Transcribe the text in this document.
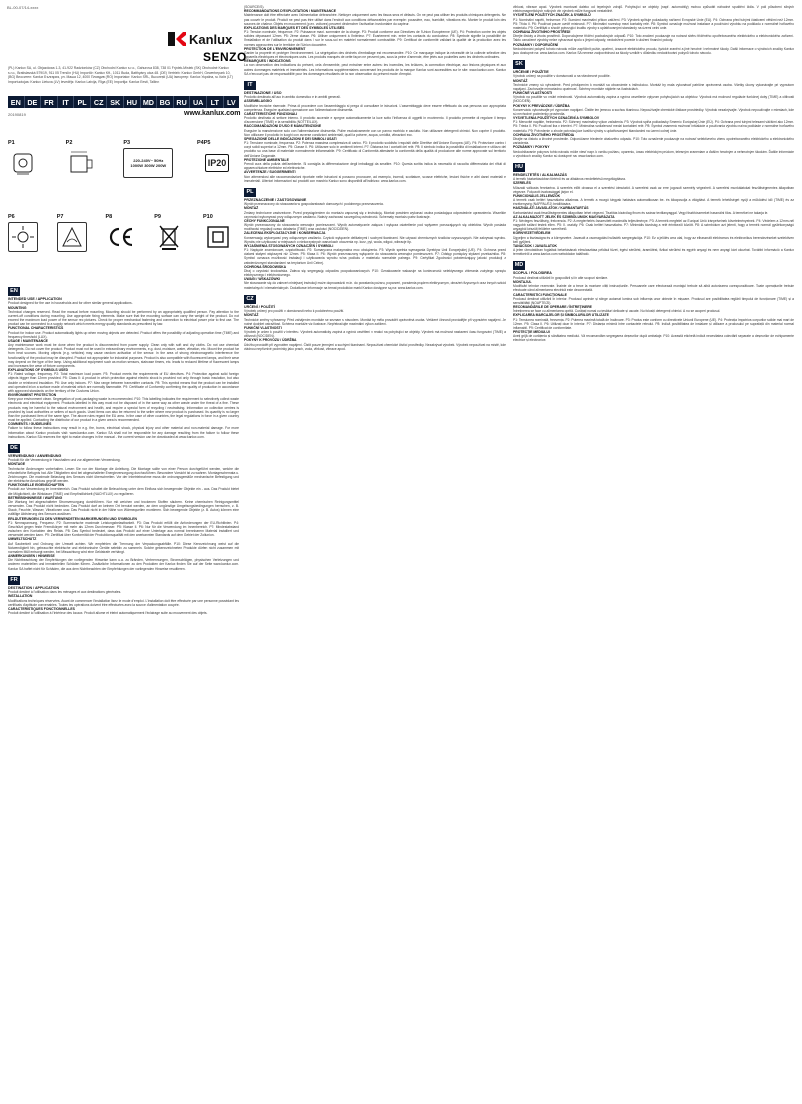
BL-00-07/14-xxxx
Kanlux
SENZO
(PL) Kanlux SA, ul. Objazdowa 1-3, 41-922 Radzionków (CZ) Obchodní Kanlux s.r.o., Gahurova 838, 738 01 Frýdek-Místek (SK) Obchodné Kanlux s.r.o., Bratislavská 579/19, 911 05 Trenčín (HU) Importőr: Kanlux Kft., 1011 Buda, Batthyány utca 48. (DE) Vertrieb: Kanlux GmbH, Gewerbepark 10, (BG) Вносител: Kanlux България, ул. Маша 12, 4000 Пловдив (RO) Importator: Kanlux SRL, București (UA) Імпортер: Kanlux Україна, м. Київ (LT) Importuotojas: Kanlux Lietuva (LV) Ievedējs: Kanlux Latvija, Rīga (EE) Importija: Kanlux Eesti, Tallinn
EN DE FR	IT	PL CZ SK HU MD BG RU UA	LT	LV
20190819	www.kanlux.com
P1	P2	P3
220-240V~ 50Hz
1000W 300W 200W
P4P5
IP20
P6	P7	P8	P9	P10
EN
INTENDED USE / APPLICATION
Product designed for the use in households and for other similar general applications.
MOUNTING
Technical changes reserved. Read the manual before mounting. Mounting should be performed by an appropriately qualified person. Pay attention to the current-off conditions during mounting. Use appropriate fixing elements. Make sure that the mounting surface can carry the weight of the product. Do not exceed the maximum load power of the sensor rec pictures. Check for proper mechanical fastening and connection to electrical power prior to first use. The product can be connected to a supply network which meets energy quality standards as prescribed by law.
FUNCTIONAL CHARACTERISTICS
Product for indoor use. Product automatically lights up when moving objects are detected. Product offers the possibility of adjusting operation time (TIME) and frequency threshold (LUX).
USAGE / MAINTENANCE
Any maintenance work must be done when the product is disconnected from power supply. Clean only with soft and dry cloths. Do not use chemical detergents. Do not cover the product. Product must not be used in extraordinary environments, e.g. dust, moisture, water, vibration, etc. Mount the product far from heat sources. Moving objects (e.g. vehicles) may cause random activation of the sensor. In the area of strong electromagnetic interference the functionality of the product may be disrupted. Product not appropriate for industrial purposes. Product is also compatible with fluorescent lamps, and their wear may depend on the type of the lamp. Using additional equipment such as motion sensors, staircase timers, etc. leads to reduced lifetime of fluorescent lamps and increases the wear of fixture components.
EXPLANATIONS OF SYMBOLS USED
P1: Rated voltage, frequency. P2: Total maximum load power. P3: Product meets the requirements of EU directives. P4: Protection against solid foreign objects bigger than 12mm provided. P5: Class II: A product in which protection against electric shock is provided not only through basic insulation, but also double or reinforced insulation. P6: Use only indoors. P7: Max range between transmitter contacts. P8: This symbol means that the product can be installed and operated in/on a surface made of material which are normally flammable. P9: Certificate of Conformity confirming the quality of production in accordance with approved standards on the territory of the Customs Union.
ENVIRONMENT PROTECTION
Keep your environment clean. Segregation of post-packaging waste is recommended. P10: This labelling indicates the requirement to selectively collect waste electronic and electrical equipment. Products labelled in this way must not be disposed of in the same way as other waste under the threat of a fine. These products may be harmful to the natural environment and health, and require a special form of recycling / neutralising. Information on collection centres is provided by local authorities or sellers of such goods. Used items can also be returned to the seller where new product is purchased. Its quantity is no larger than the purchased item of the same type. The above rules regard the EU area. In the case of other countries, the legal regulations in force in a given country must be applied. Contacting the distributor of our product in a given area is recommended.
COMMENTS / GUIDELINES
Failure to follow these instructions may result in e.g. fire, burns, electrical shock, physical injury and other material and non-material damage. For more information about Kanlux products visit: www.kanlux.com. Kanlux SA shall not be responsible for any damage resulting from the failure to follow these instructions. Kanlux SA reserves the right to make changes in the manual - the current version can be downloaded at www.kanlux.com.
DE
VERWENDUNG / ANWENDUNG
Produkt für die Verwendung in Haushalten und zur allgemeinen Verwendung.
MONTAGE
Technische Änderungen vorbehalten. Lesen Sie vor der Montage die Anleitung. Die Montage sollte von einer Person durchgeführt werden, welche die erforderliche Befugnis hat. Alle Tätigkeiten sind bei abgeschalteter Energieversorgung durchzuführen. Besondere Vorsicht ist zu wahren. Montageschemata u. Zeichnungen. Die maximale Belastung des Sensors nicht überschreiten. Vor der Inbetriebnahme muss die ordnungsgemäße mechanische Befestigung und der elektrische Anschluss geprüft werden.
FUNKTIONELLE EIGENSCHAFTEN
Produkt zur Verwendung im Innenbereich. Das Produkt schaltet die Beleuchtung unter dem Einfluss sich bewegender Objekte ein - aus. Das Produkt bietet die Möglichkeit, die Wirkdauer (TIME) und Empfindlichkeit (NACHTLUX) zu regulieren.
BETRIEBSHINWEISE / WARTUNG
Die Wartung bei abgeschalteter Stromversorgung durchführen. Nur mit weichen und trockenen Stoffen säubern. Keine chemischen Reinigungsmittel verwenden. Das Produkt nicht bedecken. Das Produkt darf an keinem Ort benutzt werden, an dem ungünstige Umgebungsbedingungen herrschen, z. B. Staub, Feuchte, Wasser, Vibrationen usw. Das Produkt nicht in der Nähe von Wärmequellen montieren. Sich bewegende Objekte (z. B. Autos) können eine zufällige Aktivierung des Sensors auslösen.
ERLÄUTERUNGEN ZU DEN VERWENDETEN MARKIERUNGEN UND SYMBOLEN
P1: Nennspannung, Frequenz. P2: Summarische maximale Leistungsbelastbarkeit. P3: Das Produkt erfüllt die Anforderungen der EU-Richtlinien. P4: Geschützt gegen feste Fremdkörper mit mehr als 12mm Durchmesser. P5: Klasse II. P6: Nur für die Verwendung im Innenbereich. P7: Mindestabstand zwischen den Kontakten des Relais. P8: Das Symbol bedeutet, dass das Produkt auf einer Unterlage aus normal brennbarem Material installiert und verwendet werden kann. P9: Zertifikat über Konformität der Produktionsqualität mit den anerkannten Standards auf dem Gebiet der Zollunion.
UMWELTSCHUTZ
Auf Sauberkeit und Ordnung der Umwelt achten. Wir empfehlen die Trennung der Verpackungsabfälle. P10: Diese Kennzeichnung weist auf die Notwendigkeit hin, gebrauchte elektrische und elektronische Geräte selektiv zu sammeln. Solche gekennzeichneten Produkte dürfen nicht zusammen mit normalem Müll entsorgt werden, bei Missachtung wird eine Geldstrafe verhängt.
ANMERKUNGEN / HINWEISE
Die Nichtbeachtung der Empfehlungen der vorliegenden Hinweise kann u.a. zu Bränden, Verbrennungen, Stromschlägen, physischen Verletzungen und anderen materiellen und immateriellen Schäden führen. Zusätzliche Informationen zu den Produkten der Kanlux finden Sie auf der Seite www.kanlux.com. Kanlux SA haftet nicht für Schäden, die aus dem Nichtbeachten der Empfehlungen der vorliegenden Hinweise resultieren.
FR
DESTINATION / APPLICATION
Produit destiné à l'utilisation dans les ménages et aux destinations générales.
INSTALLATION
Modifications techniques réservées. Avant de commencer l'installation lisez le mode d'emploi. L'installation doit être effectuée par une personne possédant les certificats d'aptitude convenables. Toutes les opérations doivent être effectuées avec la source d'alimentation coupée.
CARACTERISTIQUES FONCTIONNELLES
Produit destiné à l'utilisation à l'intérieur des locaux. Produit allume et éteint automatiquement l'éclairage suite au mouvement des objets.
(SOURCE/S).
RECOMMANDATIONS D'EXPLOITATION / MAINTENANCE
Maintenance doit être effectuée avec l'alimentation débranchée. Nettoyer uniquement avec les tissus secs et défauts. On ne peut pas utiliser les produits chimiques détergents. Ne pas couvrir le produit. Produit ne peut pas être utilisé dans l'endroit aux conditions défavorables par exemple: poussière, eau, humidité, vibrations etc. Monter le produit loin des sources de chaleur. Objets en mouvement (p.ex. voitures) peuvent déclencher l'activation involontaire du capteur.
EXPLICATIONS DES MARQUES ET DES SYMBOLES UTILISES
P1: Tension nominale, fréquence. P2: Puissance maxi. sommaire de la charge. P3: Produit conforme aux Directives de l'Union Européenne (UE). P4: Protection contre les objets solides dépassant 12mm. P5: 2ème classe. P6: Utiliser uniquement à l'intérieur. P7: Écartement min. entre les contacts du conducteur. P8: Symbole signifie la possibilité de l'installation et de l'utilisation du produit dans / sur le sous-sol en matériel normalement combustible. P9: Certificat de conformité validant la qualité de la production avec les normes approuvées sur le territoire de l'Union douanière.
PROTECTION DE L'ENVIRONNEMENT
Garder la propreté et protéger l'environnement. La ségrégation des déchets d'emballage est recommandée. P10: Ce marquage indique la nécessité de la collecte sélective des appareils électriques et électroniques usés. Les produits marqués de cette façon ne peuvent pas, sous la peine d'amende, être jetés aux poubelles avec les déchets ordinaires.
REMARQUES / INDICATIONS
La non observation des indications du présent, cela d'ensemble, peut entraîner entre autres: les incendies, les brûlures, la commotion électrique, aux lésions physiques et aux autres dommages matériels et immatériels. Les informations supplémentaires concernant les produits de la marque Kanlux sont accessibles sur le site: www.kanlux.com. Kanlux SA n'encourt pas de responsabilité pour les dommages résultants de la non observation du présent mode d'emploi.
IT
DESTINAZIONE / USO
Prodotto destinato all'uso in ambito domestico e in ambiti generali.
ASSEMBLAGGIO
Modifiche tecniche riservate. Prima di procedere con l'assemblaggio si prega di consultare le istruzioni. L'assemblaggio deve essere effettuato da una persona con appropriata competenza. Eseguire qualsiasi operazione con l'alimentazione disinserita.
CARATTERISTICHE FUNZIONALI
Prodotto destinato al settore interno. Il prodotto accende e spegne automaticamente la luce sotto l'influenza di oggetti in movimento. Il prodotto permette di regolare il tempo d'accensione (TIME) e la sensibilità (NOTTE/LUX).
RACCOMANDAZIONI D'USO E MANUTENZIONE
Eseguire la manutenzione solo con l'alimentazione disinserita. Pulire esclusivamente con un panno morbido e asciutto. Non utilizzare detergenti chimici. Non coprire il prodotto. Non utilizzare il prodotto in luoghi con avverse condizioni ambientali, quali la polvere, acqua, umidità, vibrazioni ecc.
SPIEGAZIONE DELLE INDICAZIONI E DEI SIMBOLI USATI
P1: Tensione nominale, frequenza. P2: Potenza massima complessiva di carico. P3: Il prodotto soddisfa i requisiti delle Direttive dell'Unione Europea (UE). P4: Protezione contro i corpi solidi superiori a 12mm. P5: Classe II. P6: Utilizzare solo in ambienti interni. P7: Distanza tra i contatti del relè. P8: Il simbolo indica la possibilità di installazione e utilizzo del prodotto su una base di materiale normalmente infiammabile. P9: Certificato di Conformità attestante la conformità della qualità di produzione alle norme approvate sul territorio dell'Unione Doganale.
PROTEZIONE AMBIENTALE
Prendi cura della pulizia dell'ambiente. Si consiglia la differenziazione degli imballaggi da smaltire. P10: Questa scritta indica la necessità di raccolta differenziata dei rifiuti di apparecchiature elettriche ed elettroniche.
AVVERTENZE / SUGGERIMENTI
Non attenendosi alle raccomandazioni riportate nelle istruzioni si possono provocare, ad esempio, incendi, scottature, scosse elettriche, lesioni fisiche e altri danni materiali e immateriali. Ulteriori informazioni sui prodotti con marchio Kanlux sono disponibili all'indirizzo: www.kanlux.com.
PL
PRZEZNACZENIE / ZASTOSOWANIE
Wyrób przeznaczony do stosowania w gospodarstwach domowych i podobnego przeznaczenia.
MONTAŻ
Zmiany techniczne zastrzeżone. Przed przystąpieniem do montażu zapoznaj się z instrukcją. Montaż powinien wykonać osoba posiadająca odpowiednie uprawnienia. Wszelkie czynności wykonywać przy odłączonym zasilaniu. Należy zachować szczególną ostrożność. Schematy montażu patrz ilustracje.
CECHY FUNKCJONALNE
Wyrób przeznaczony do stosowania wewnątrz pomieszczeń. Wyrób automatycznie załącza i wyłącza oświetlenie pod wpływem poruszających się obiektów. Wyrób posiada możliwość regulacji czasu działania (TIME) oraz czułości (NOC/DZIEŃ).
ZALECENIA EKSPLOATACYJNE / KONSERWACJA
Konserwację wykonywać przy odłączonym zasilaniu. Czyścić wyłącznie delikatnymi i suchymi tkaninami. Nie używać chemicznych środków czyszczących. Nie zakrywać wyrobu. Wyrobu nie użytkować w miejscach o niekorzystnych warunkach otoczenia np. kurz, pył, woda, wilgoć, wibracje itp.
WYJAŚNIENIA STOSOWANYCH OZNACZEŃ I SYMBOLI
P1: Napięcie znamionowe, częstotliwość. P2: Sumaryczna maksymalna moc obciążenia. P3: Wyrób spełnia wymagania Dyrektyw Unii Europejskiej (UE). P4: Ochrona przed ciałami stałymi większymi niż 12mm. P5: Klasa II. P6: Wyrób przeznaczony wyłącznie do stosowania wewnątrz pomieszczeń. P7: Odstęp pomiędzy stykami przekaźnika. P8: Symbol oznacza możliwość instalacji i użytkowania wyrobu w/na podłożu z materiału normalnie palnego. P9: Certyfikat Zgodności potwierdzający jakość produkcji z zatwierdzonymi standardami na terytorium Unii Celnej.
OCHRONA ŚRODOWISKA
Dbaj o czystość środowiska. Zaleca się segregację odpadów poopakowaniowych. P10: Oznakowanie wskazuje na konieczność selektywnego zbierania zużytego sprzętu elektrycznego i elektronicznego.
UWAGI / WSKAZÓWKI
Nie stosowanie się do zaleceń niniejszej instrukcji może doprowadzić m.in. do powstania pożaru, poparzeń, porażenia prądem elektrycznym, obrażeń fizycznych oraz innych szkód materialnych i niematerialnych. Dodatkowe informacje na temat produktów marki Kanlux dostępne są na: www.kanlux.com.
CZ
URČENÍ / POUŽITÍ
Výrobek určený pro použití v domácnosti nebo k podobnému použití.
MONTÁŽ
Technické změny vyhrazeny. Před zahájením montáže se seznam s návodem. Montáž by měla provádět oprávněná osoba. Veškeré činnosti provádějte při vypnutém napájení. Je nutné dodržet ostražitost. Schéma montáže viz ilustrace. Nepřekračujte maximální výkon zatížení.
FUNKČNÍ VLASTNOSTI
Výrobek je určen k použití v interiéru. Výrobek automaticky zapíná a vypíná osvětlení v reakci na pohybující se objekty. Výrobek má možnost nastavení času fungování (TIME) a citlivosti (NOC/DEN).
POKYNY K PROVOZU / ÚDRŽBA
Údržbu provádět při vypnutém napájení. Čistit pouze jemnými a suchými tkaninami. Nepoužívat chemické čistící prostředky. Nezakrývat výrobek. Výrobek nepoužívat na místě, kde vládnou nepříznivé podmínky jako prach, voda, vlhkost, vibrace apod.
vlhkost, vibrace apod. Výrobek montovat daleko od tepelných zdrojů. Pohybující se objekty (např. automobily) mohou způsobit náhodné spuštění čidla. V poli působení silných elektromagnetických rušivých vln výrobek může fungovat nestabilně.
VYSVĚTLENÍ POUŽITÝCH ZNAČEK A SYMBOLŮ
P1: Nominální napětí, frekvence. P2: Sumární maximální příkon zatížení. P3: Výrobek splňuje požadavky nařízení Evropské Unie (EU). P4: Ochrana před tuhými částicemi většími než 12mm. P5: Třída II. P6: Používat pouze uvnitř místností. P7: Minimální rozestup mezi kontakty relé. P8: Symbol označuje možnost instalace a používání výrobku na podkladu z normálně hořlavého materiálu. P9: Certifikát o shodě potvrzující kvalitu výroby s uplatňovanými standardy na území celní unie.
OCHRANA ŽIVOTNÍHO PROSTŘEDÍ
Dbejte čistoty a života prostředí. Doporučujeme třídění poobalových odpadů. P10: Toto značení poukazuje na nutnost sběru tříděného opotřebovaného elektrického a elektronického zařízení. Takto označené výrobky nelze vyhazovat spolu s jinými odpady, nedodržení povede k uložení finanční pokuty.
POZNÁMKY / DOPORUČENÍ
Nedodržování pokynů tohoto návodu může zapříčinit požár, opaření, úrazové elektrického proudu, fyzické zranění a jiné hmotné i nehmotné škody. Další informace o výrobcích značky Kanlux jsou dostupné na: www.kanlux.com. Kanlux SA nenese zodpovědnost za škody vzniklé v důsledku nedodržování pokynů tohoto návodu.
SK
URČENIE / POUŽITIE
Výrobok určený na použitie v domácnosti a na všeobecné použitie.
MONTÁŽ
Technické zmeny sú vyhradené. Pred pristúpením k montáži sa oboznámte s inštrukciou. Montáž by mala vykonávať patrične oprávnená osoba. Všetky úkony vykonávajte pri vypnutom napájaní. Zachovajte mimoriadnu opatrnosť. Schémy montáže nájdete na ilustráciách.
FUNKČNÉ VLASTNOSTI
Výrobok na použitie vo vnútri miestností. Výrobok automaticky zapína a vypína osvetlenie vplyvom pohybujúcich sa objektov. Výrobok má možnosť regulácie funkčnej doby (TIME) a citlivosti (NOC/DEŇ).
POKYNY K PREVÁDZKE / ÚDRŽBA
Konzerváciu vykonávajte pri vypnutom napájaní. Čistite len jemnou a suchou tkaninou. Nepoužívajte chemické čistiace prostriedky. Výrobok nezakrývajte. Výrobok nepoužívajte v miestach, kde sú nevhodné podmienky prostredia.
VYSVETLENIA POUŽITÝCH OZNAČENÍ A SYMBOLOV
P1: Menovité napätie, frekvencia. P2: Súhrnný maximálny výkon zaťaženia. P3: Výrobok spĺňa požiadavky Smerníc Európskej Únie (EÚ). P4: Ochrana pred tuhými telesami väčšími ako 12mm. P5: Trieda II. P6: Používať iba v interiéri. P7: Minimálna vzdialenosť medzi kontaktmi relé. P8: Symbol znamená možnosť inštalácie a používania výrobku na/na podklade z normálne horľavého materiálu. P9: Potvrdenie o zhode potvrdzujúce kvalitu výroby s uplatňovanými štandardmi na území colnej únie.
OCHRANA ŽIVOTNÉHO PROSTREDIA
Dbajte na čistotu a životné prostredie. Odporúčame triedenie obalového odpadu. P10: Toto označenie poukazuje na nutnosť selektívneho zberu opotrebovaného elektrického a elektronického zariadenia.
POZNÁMKY / POKYNY
Nedodržiavanie pokynov tohto návodu môže viesť napr. k vzniku požiaru, opareniu, úrazu elektrickým prúdom, telesným zraneniam a ďalším hmotným a nehmotným škodám. Ďalšie informácie o výrobkoch značky Kanlux sú dostupné na: www.kanlux.com.
HU
RENDELTETÉS / ALKALMAZÁS
A termék háztartásokban történő és az általános rendeltetésű megvilágításra.
SZERELÉS
Műszaki változás fenntartva. A szerelés előtt olvassa el a szerelési útmutatót. A szerelést csak az erre jogosult személy végezheti. A szerelési munkálatokat feszültségmentes állapotban végezze. Fokozott óvatossággal járjon el.
FUNKCIONÁLIS JELLEMZŐK
A termék csak beltéri használatra alkalmas. A termék a mozgó tárgyak hatására automatikusan be- és kikapcsolja a világítást. A termék lehetőséget nyújt a működési idő (TIME) és az érzékenység (NAPPAL/ÉJ) beállítására.
HASZNÁLATI JAVASLATOK / KARBANTARTÁS
Karbantartást csak feszültségmentes állapotban lehet végezni. Tisztítás kizárólag finom és száraz textilanyaggal. Vegyi tisztítószereket használni tilos. A terméket ne takarja le.
AZ ALKALMAZOTT JELEK ÉS SZIMBÓLUMOK MAGYARÁZATA
P1: Névleges feszültség, frekvencia. P2: A megterhelés összesített maximális teljesítménye. P3: A termék megfelel az Európai Unió irányelveinek követelményeinek. P4: Védelem a 12mm-nél nagyobb szilárd testek ellen. P5: II. osztály. P6: Csak beltéri használatra. P7: Minimális távolság a relé érintkezői között. P8: A szimbólum azt jelenti, hogy a termék normál gyúlékonyságú anyagból készült felületre szerelhető.
KÖRNYEZETVÉDELEM
Ügyeljen a tisztaságra és a környezetre. Javasolt a csomagolási hulladék szegregációja. P10: Ez a jelölés arra utal, hogy az elhasznált elektromos és elektronikus berendezéseket szelektíven kell gyűjteni.
TANÁCSOK / JAVASLATOK
A jelen útmutatóban foglaltak betartásának elmulasztása például tüzet, égési sérülést, áramütést, fizikai sérülést és egyéb anyagi és nem anyagi kárt okozhat. További információ a Kanlux termékeiről a www.kanlux.com weboldalon található.
MD
SCOPUL / FOLOSIREA
Produsul destinat utilizării în gospodării și în alte scopuri similare.
MONTAJUL
Modificări tehnice rezervate. Înainte de a trece la montare citiți instrucțiunile. Persoanele care efectuează montajul trebuie să aibă autorizarea corespunzătoare. Toate operațiunile trebuie efectuate când alimentarea electrică este deconectată.
CARACTERISTICI FUNCȚIONALE
Produsul destinat utilizării în interior. Produsul aprinde și stinge automat lumina sub influența unor obiecte în mișcare. Produsul are posibilitatea reglării timpului de funcționare (TIME) și a sensibilității (NOAPTE/ZI).
RECOMANDĂRILE DE OPERARE / ÎNTREȚINERE
Întreținerea se face cu alimentarea oprită. Curățați numai cu țesături delicate și uscate. Nu folosiți detergenți chimici. A nu se acoperi produsul.
EXPLICAREA MARCAJELOR ȘI SIMBOLURILOR UTILIZATE
P1: Tensiunea nominală, frecvența. P2: Puterea maximă totală de încărcare. P3: Produs este conform cu directivele Uniunii Europene (UE). P4: Protecția împotriva corpurilor solide mai mari de 12mm. P5: Clasa II. P6: Utilizați doar în interior. P7: Distanța minimă între contactele releului. P8: Indică posibilitatea de instalare și utilizare a produsului pe suprafață din material normal inflamabil. P9: Certificat de conformitate.
PROTECȚIE MEDIULUI
Aveți grijă de curățenia și sănătatea mediului. Vă recomandăm segregarea deșeurilor după ambalaje. P10: Această etichetă indică necesitatea colectării separate a deșeurilor de echipamente electrice și electronice.
